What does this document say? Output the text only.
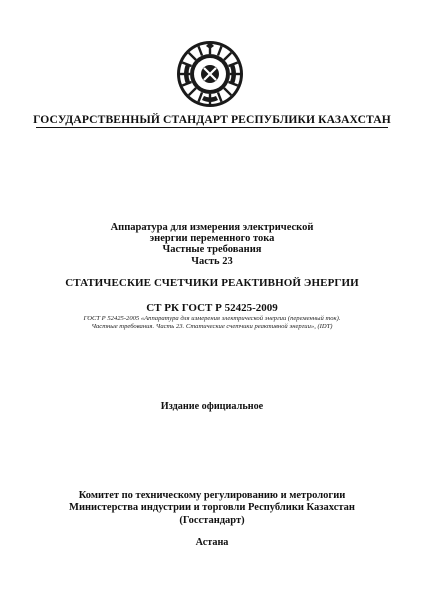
ГОСУДАРСТВЕННЫЙ СТАНДАРТ РЕСПУБЛИКИ КАЗАХСТАН
Аппаратура для измерения электрической
энергии переменного тока
Частные требования
Часть 23
СТАТИЧЕСКИЕ СЧЕТЧИКИ РЕАКТИВНОЙ ЭНЕРГИИ
СТ РК ГОСТ Р 52425-2009
ГОСТ Р 52425-2005 «Аппаратура для измерения электрической энергии (переменный ток).
Частные требования. Часть 23. Статические счетчики реактивной энергии», (IDT)
Издание официальное
Комитет по техническому регулированию и метрологии
Министерства индустрии и торговли Республики Казахстан
(Госстандарт)
Астана
